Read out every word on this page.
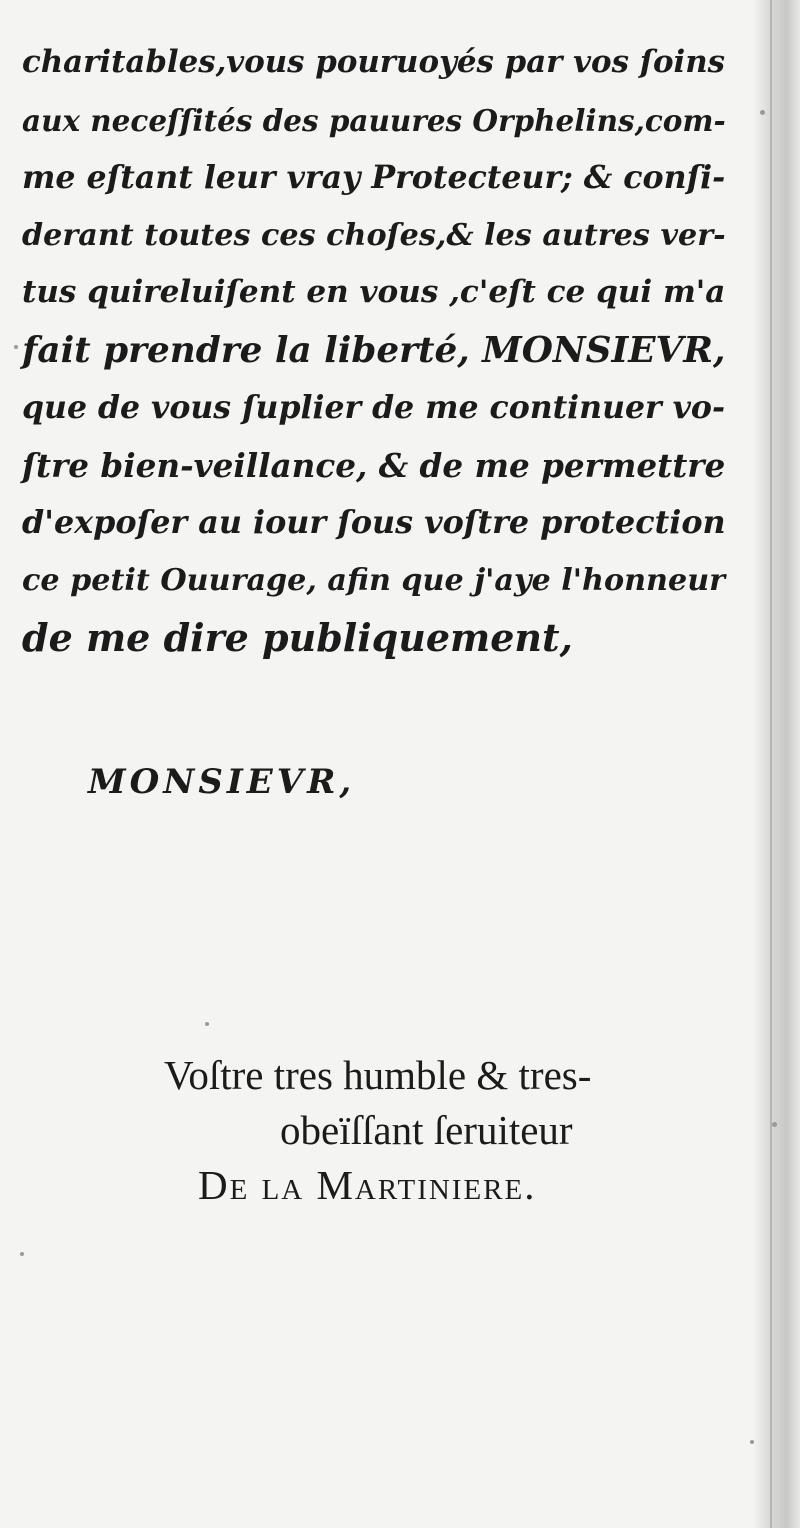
charitables,vous pouruoyés par vos ſoins
aux neceſſités des pauures Orphelins,com-
me eſtant leur vray Protecteur; & conſi-
derant toutes ces choſes,& les autres ver-
tus quireluiſent en vous ,c'eſt ce qui m'a
fait prendre la liberté, MONSIEVR,
que de vous ſuplier de me continuer vo-
ſtre bien-veillance, & de me permettre
d'expoſer au iour ſous voſtre protection
ce petit Ouurage, afin que j'aye l'honneur
de me dire publiquement,
MONSIEVR,
Voſtre tres humble & tres-
obeïſſant ſeruiteur
De la Martiniere.
